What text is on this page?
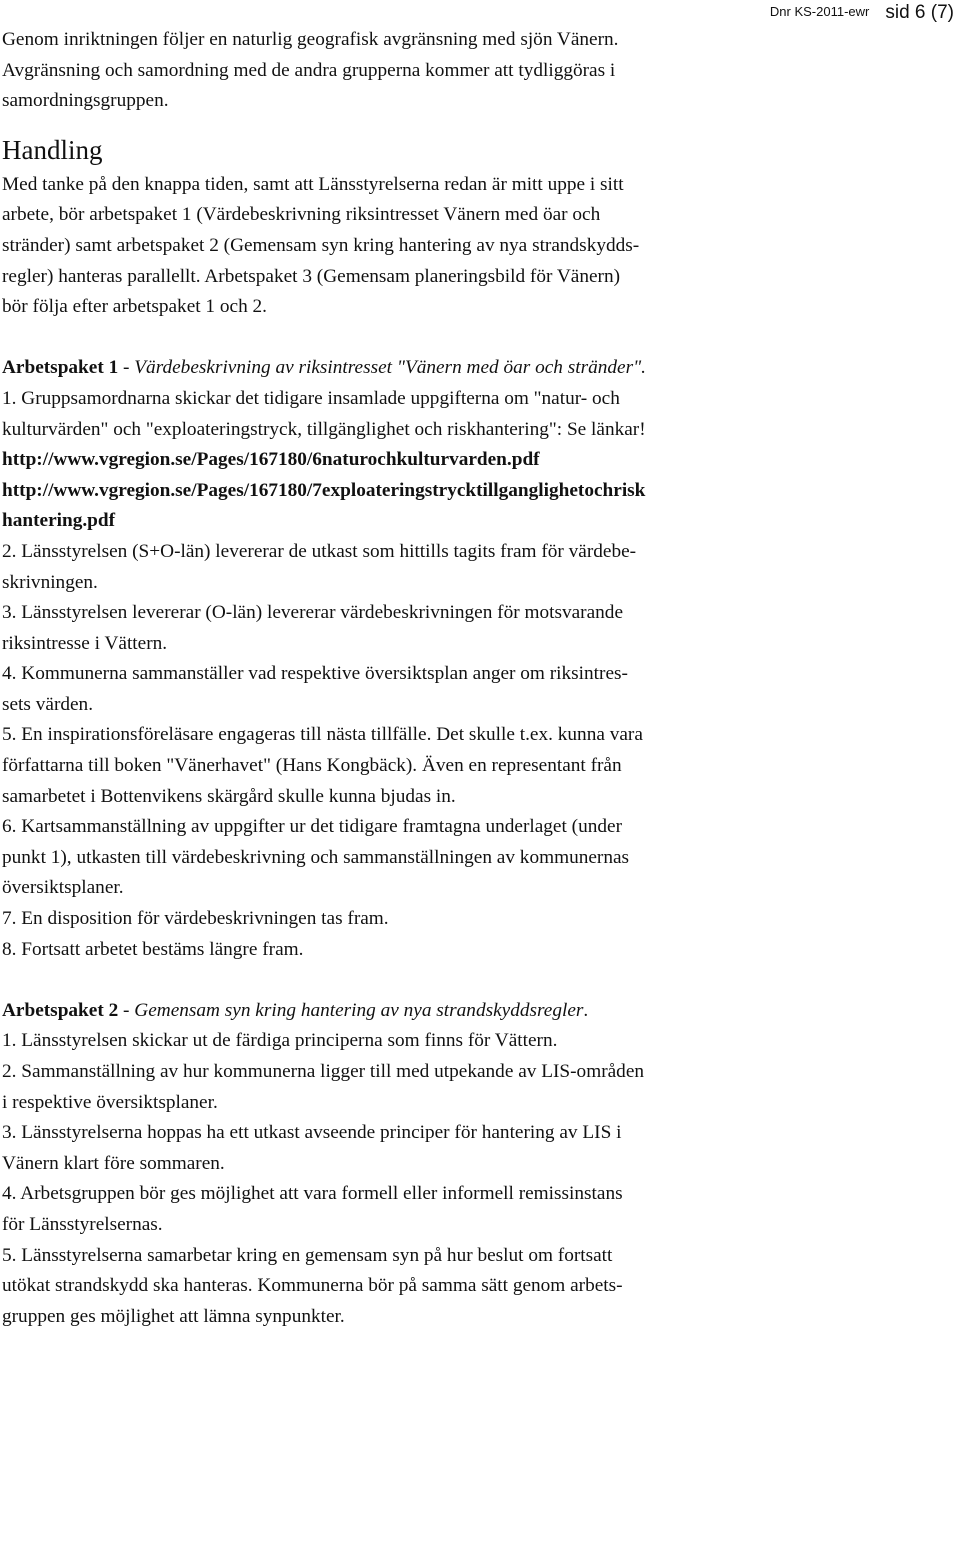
Dnr KS-2011-ewr sid 6 (7)

Genom inriktningen följer en naturlig geografisk avgränsning med sjön Vänern.
Avgränsning och samordning med de andra grupperna kommer att tydliggöras i
samordningsgruppen.

Handling

Med tanke på den knappa tiden, samt att Länsstyrelserna redan är mitt uppe i sitt
arbete, bör arbetspaket 1 (Värdebeskrivning riksintresset Vänern med öar och
stränder) samt arbetspaket 2 (Gemensam syn kring hantering av nya strandskydds-
regler) hanteras parallellt. Arbetspaket 3 (Gemensam planeringsbild för Vänern)
bör följa efter arbetspaket 1 och 2.

Arbetspaket 1 - Värdebeskrivning av riksintresset "Vänern med öar och stränder".

1. Gruppsamordnarna skickar det tidigare insamlade uppgifterna om "natur- och
kulturvärden" och "exploateringstryck, tillgänglighet och riskhantering": Se länkar!

http://www.vgregion.se/Pages/167180/6naturochkulturvarden.pdf
http://www.vgregion.se/Pages/167180/7exploateringstrycktillganglighetochrisk
hantering.pdf

2. Länsstyrelsen (S+O-län) levererar de utkast som hittills tagits fram för värdebe-
skrivningen.
3. Länsstyrelsen levererar (O-län) levererar värdebeskrivningen för motsvarande
riksintresse i Vättern.
4. Kommunerna sammanställer vad respektive översiktsplan anger om riksintres-
sets värden.
5. En inspirationsföreläsare engageras till nästa tillfälle. Det skulle t.ex. kunna vara
författarna till boken "Vänerhavet" (Hans Kongbäck). Även en representant från
samarbetet i Bottenvikens skärgård skulle kunna bjudas in.
6. Kartsammanställning av uppgifter ur det tidigare framtagna underlaget (under
punkt 1), utkasten till värdebeskrivning och sammanställningen av kommunernas
översiktsplaner.
7. En disposition för värdebeskrivningen tas fram.
8. Fortsatt arbetet bestäms längre fram.

Arbetspaket 2 - Gemensam syn kring hantering av nya strandskyddsregler.

1. Länsstyrelsen skickar ut de färdiga principerna som finns för Vättern.
2. Sammanställning av hur kommunerna ligger till med utpekande av LIS-områden
i respektive översiktsplaner.
3. Länsstyrelserna hoppas ha ett utkast avseende principer för hantering av LIS i
Vänern klart före sommaren.
4. Arbetsgruppen bör ges möjlighet att vara formell eller informell remissinstans
för Länsstyrelsernas.
5. Länsstyrelserna samarbetar kring en gemensam syn på hur beslut om fortsatt
utökat strandskydd ska hanteras. Kommunerna bör på samma sätt genom arbets-
gruppen ges möjlighet att lämna synpunkter.
